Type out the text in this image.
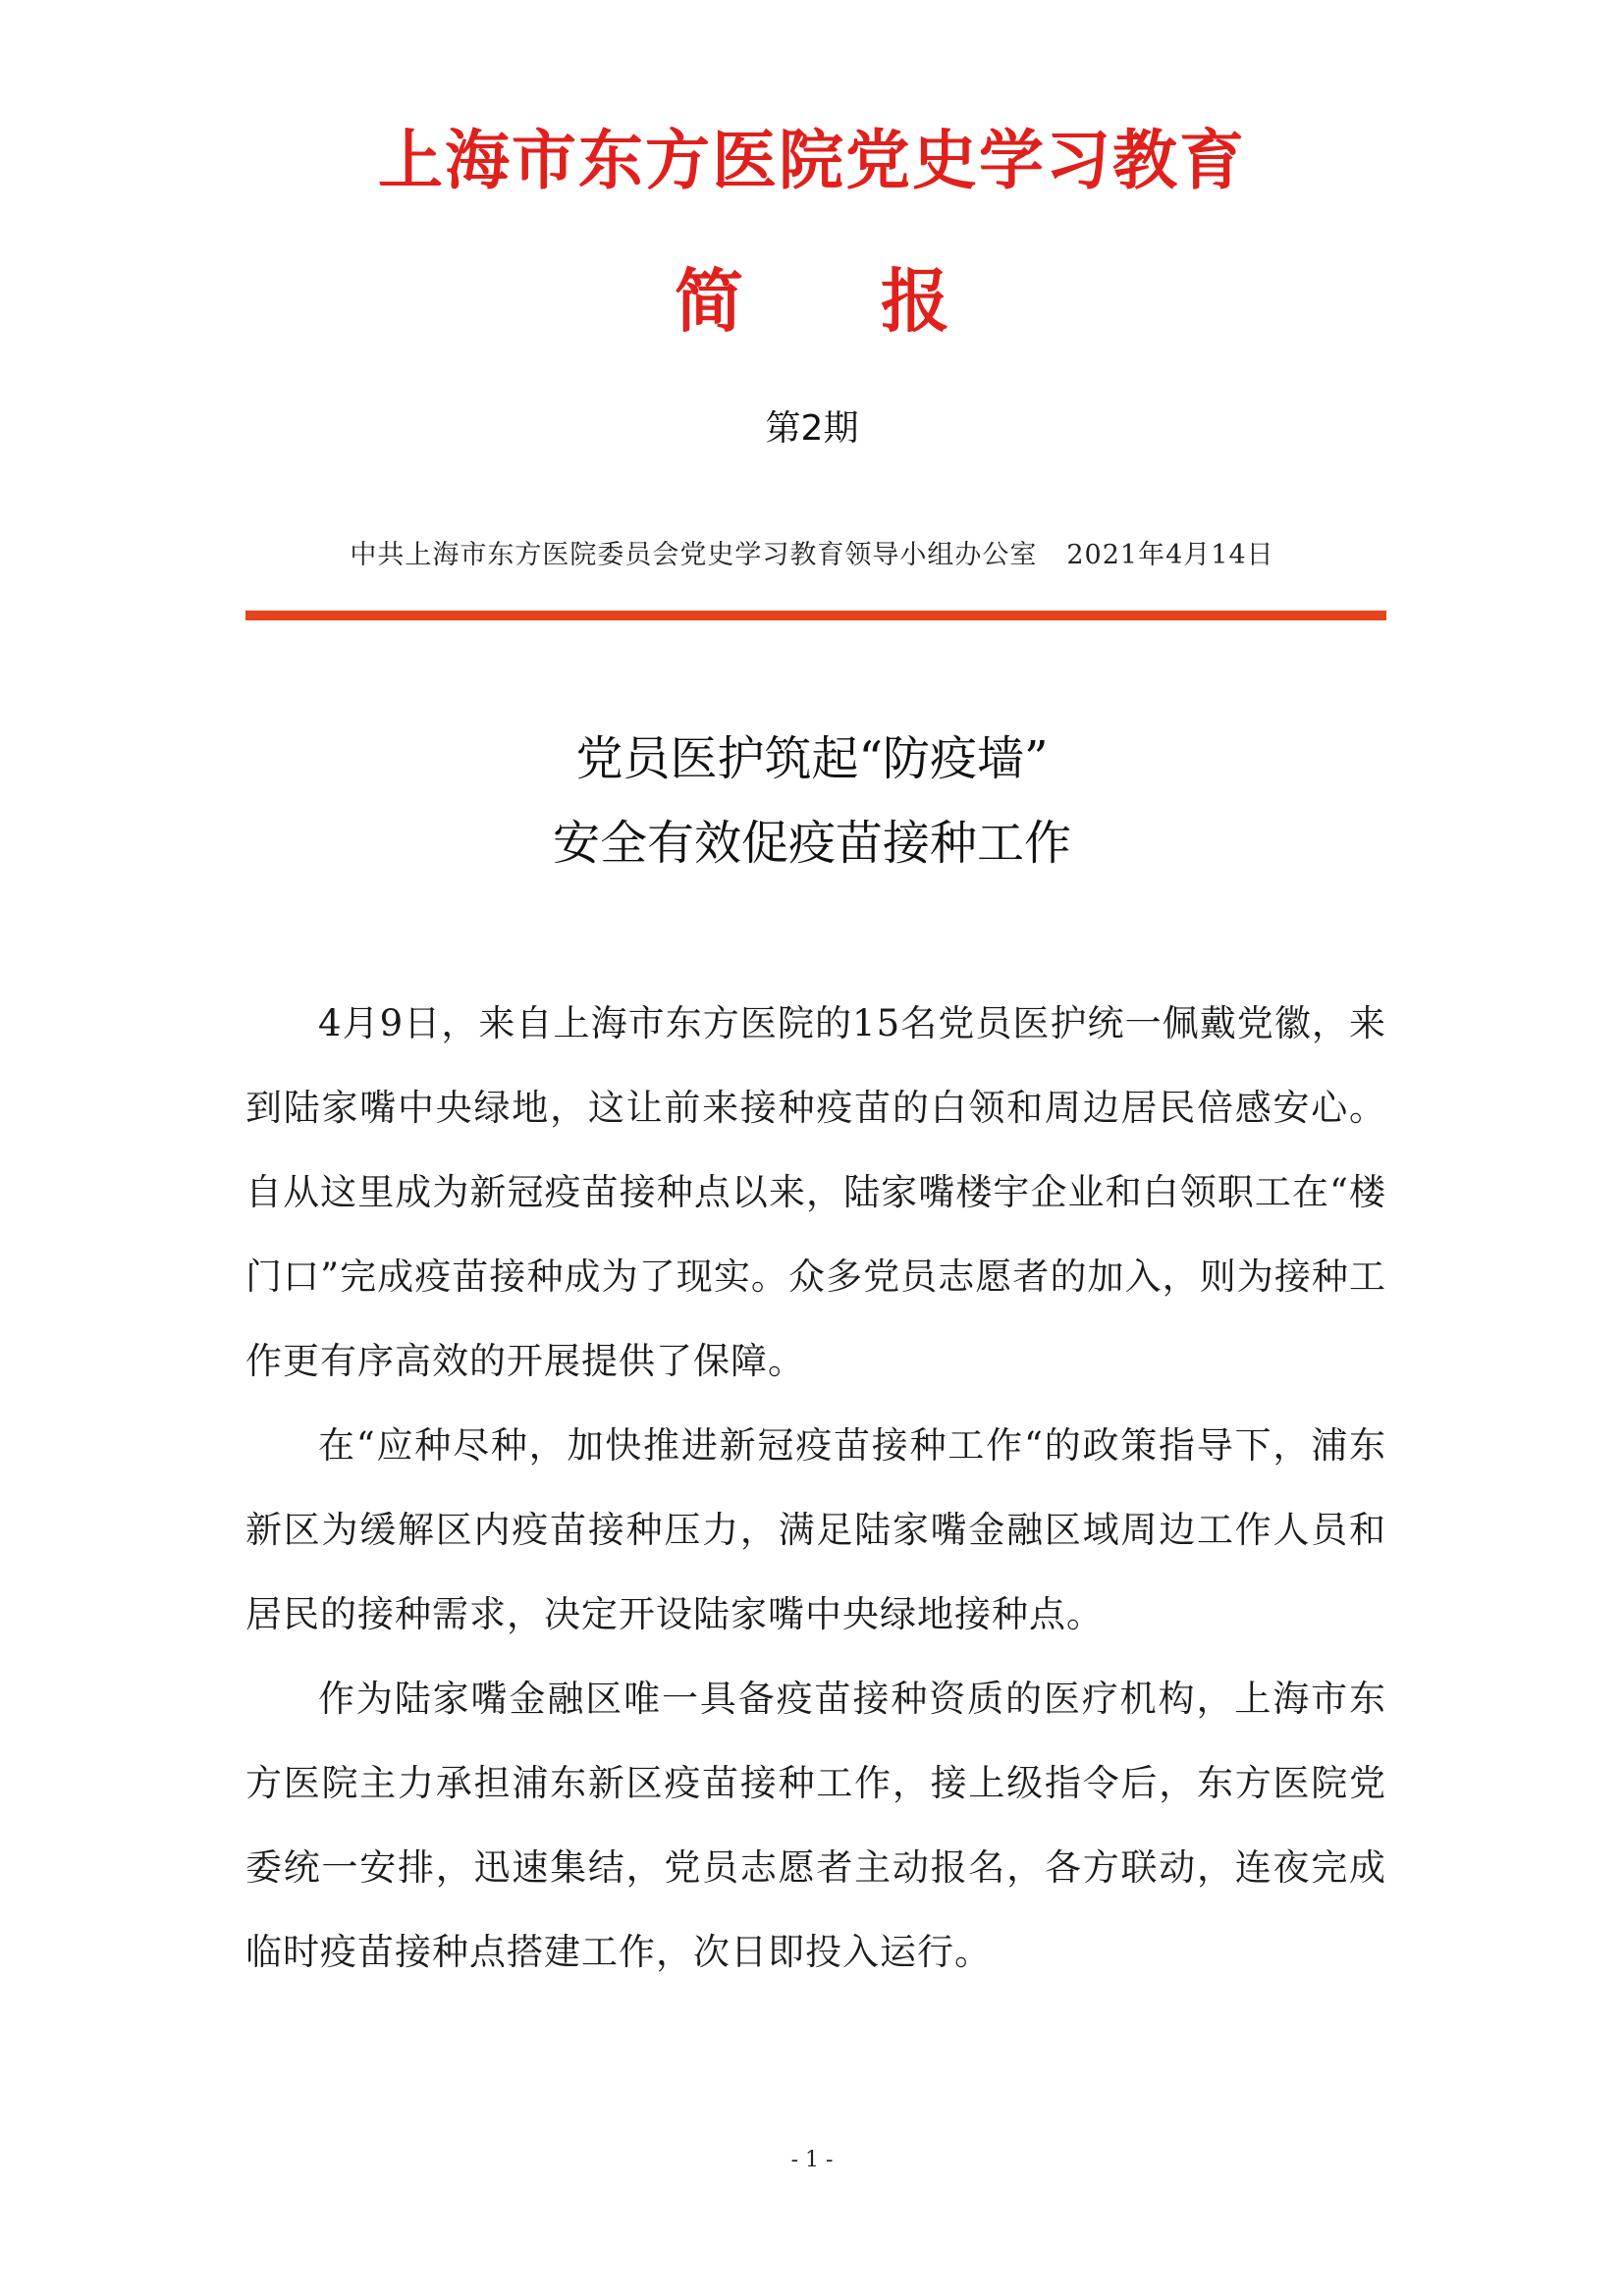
上海市东方医院党史学习教育
简 报
第2期
中共上海市东方医院委员会党史学习教育领导小组办公室 2021年4月14日
党员医护筑起“防疫墙”
安全有效促疫苗接种工作

4月9日，来自上海市东方医院的15名党员医护统一佩戴党徽，来到陆家嘴中央绿地，这让前来接种疫苗的白领和周边居民倍感安心。自从这里成为新冠疫苗接种点以来，陆家嘴楼宇企业和白领职工在“楼门口”完成疫苗接种成为了现实。众多党员志愿者的加入，则为接种工作更有序高效的开展提供了保障。

在“应种尽种，加快推进新冠疫苗接种工作“的政策指导下，浦东新区为缓解区内疫苗接种压力，满足陆家嘴金融区域周边工作人员和居民的接种需求，决定开设陆家嘴中央绿地接种点。

作为陆家嘴金融区唯一具备疫苗接种资质的医疗机构，上海市东方医院主力承担浦东新区疫苗接种工作，接上级指令后，东方医院党委统一安排，迅速集结，党员志愿者主动报名，各方联动，连夜完成临时疫苗接种点搭建工作，次日即投入运行。

- 1 -
